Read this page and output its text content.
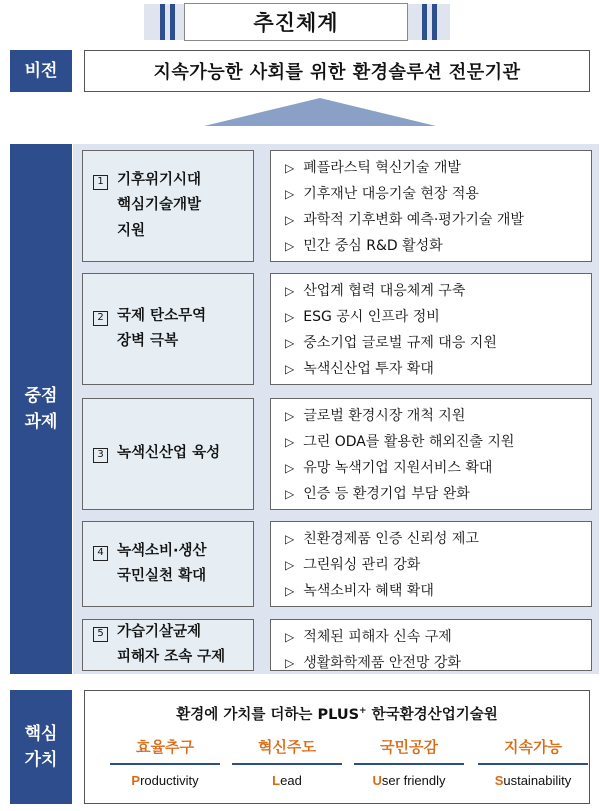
추진체계
비전	지속가능한 사회를 위한 환경솔루션 전문기관
중점
과제
1 기후위기시대
핵심기술개발
지원
▷ 폐플라스틱 혁신기술 개발
▷ 기후재난 대응기술 현장 적용
▷ 과학적 기후변화 예측·평가기술 개발
▷ 민간 중심 R&D 활성화
2 국제 탄소무역
장벽 극복
▷ 산업계 협력 대응체계 구축
▷ ESG 공시 인프라 정비
▷ 중소기업 글로벌 규제 대응 지원
▷ 녹색신산업 투자 확대
3 녹색신산업 육성
▷ 글로벌 환경시장 개척 지원
▷ 그린 ODA를 활용한 해외진출 지원
▷ 유망 녹색기업 지원서비스 확대
▷ 인증 등 환경기업 부담 완화
4 녹색소비·생산
국민실천 확대
▷ 친환경제품 인증 신뢰성 제고
▷ 그린워싱 관리 강화
▷ 녹색소비자 혜택 확대
5 가습기살균제
피해자 조속 구제
▷ 적체된 피해자 신속 구제
▷ 생활화학제품 안전망 강화
핵심
가치
환경에 가치를 더하는 PLUS+ 한국환경산업기술원
효율추구
Productivity
혁신주도
Lead
국민공감
User friendly
지속가능
Sustainability
